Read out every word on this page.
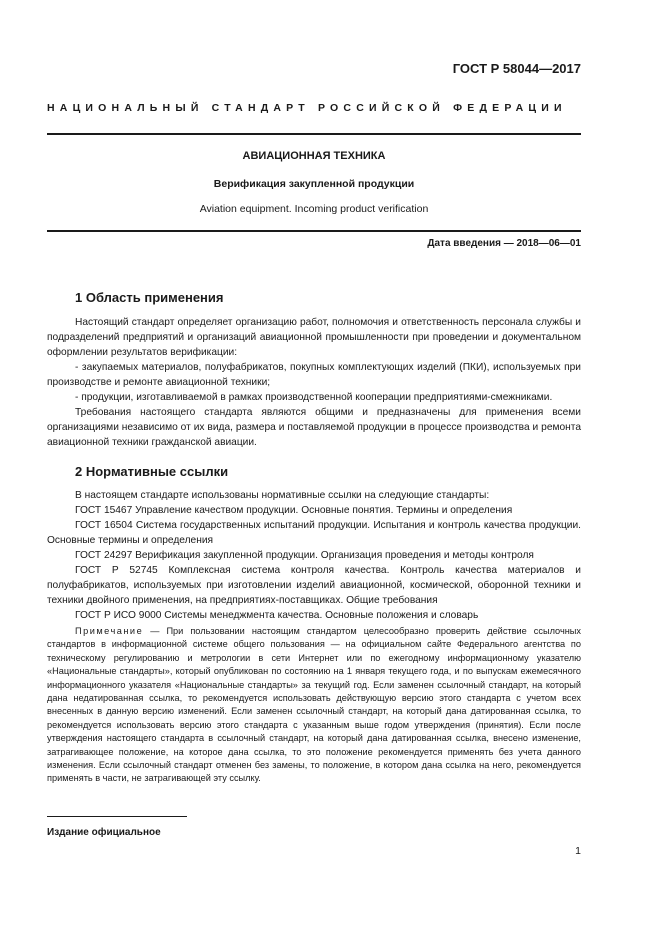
ГОСТ Р 58044—2017
НАЦИОНАЛЬНЫЙ СТАНДАРТ РОССИЙСКОЙ ФЕДЕРАЦИИ
АВИАЦИОННАЯ ТЕХНИКА
Верификация закупленной продукции
Aviation equipment. Incoming product verification
Дата введения — 2018—06—01
1 Область применения

Настоящий стандарт определяет организацию работ, полномочия и ответственность персонала службы и подразделений предприятий и организаций авиационной промышленности при проведении и документальном оформлении результатов верификации:

- закупаемых материалов, полуфабрикатов, покупных комплектующих изделий (ПКИ), используемых при производстве и ремонте авиационной техники;

- продукции, изготавливаемой в рамках производственной кооперации предприятиями-смежниками.

Требования настоящего стандарта являются общими и предназначены для применения всеми организациями независимо от их вида, размера и поставляемой продукции в процессе производства и ремонта авиационной техники гражданской авиации.

2 Нормативные ссылки

В настоящем стандарте использованы нормативные ссылки на следующие стандарты:

ГОСТ 15467 Управление качеством продукции. Основные понятия. Термины и определения

ГОСТ 16504 Система государственных испытаний продукции. Испытания и контроль качества продукции. Основные термины и определения

ГОСТ 24297 Верификация закупленной продукции. Организация проведения и методы контроля

ГОСТ Р 52745 Комплексная система контроля качества. Контроль качества материалов и полуфабрикатов, используемых при изготовлении изделий авиационной, космической, оборонной техники и техники двойного применения, на предприятиях-поставщиках. Общие требования

ГОСТ Р ИСО 9000 Системы менеджмента качества. Основные положения и словарь

Примечание — При пользовании настоящим стандартом целесообразно проверить действие ссылочных стандартов в информационной системе общего пользования — на официальном сайте Федерального агентства по техническому регулированию и метрологии в сети Интернет или по ежегодному информационному указателю «Национальные стандарты», который опубликован по состоянию на 1 января текущего года, и по выпускам ежемесячного информационного указателя «Национальные стандарты» за текущий год. Если заменен ссылочный стандарт, на который дана недатированная ссылка, то рекомендуется использовать действующую версию этого стандарта с учетом всех внесенных в данную версию изменений. Если заменен ссылочный стандарт, на который дана датированная ссылка, то рекомендуется использовать версию этого стандарта с указанным выше годом утверждения (принятия). Если после утверждения настоящего стандарта в ссылочный стандарт, на который дана датированная ссылка, внесено изменение, затрагивающее положение, на которое дана ссылка, то это положение рекомендуется применять без учета данного изменения. Если ссылочный стандарт отменен без замены, то положение, в котором дана ссылка на него, рекомендуется применять в части, не затрагивающей эту ссылку.
Издание официальное
1
